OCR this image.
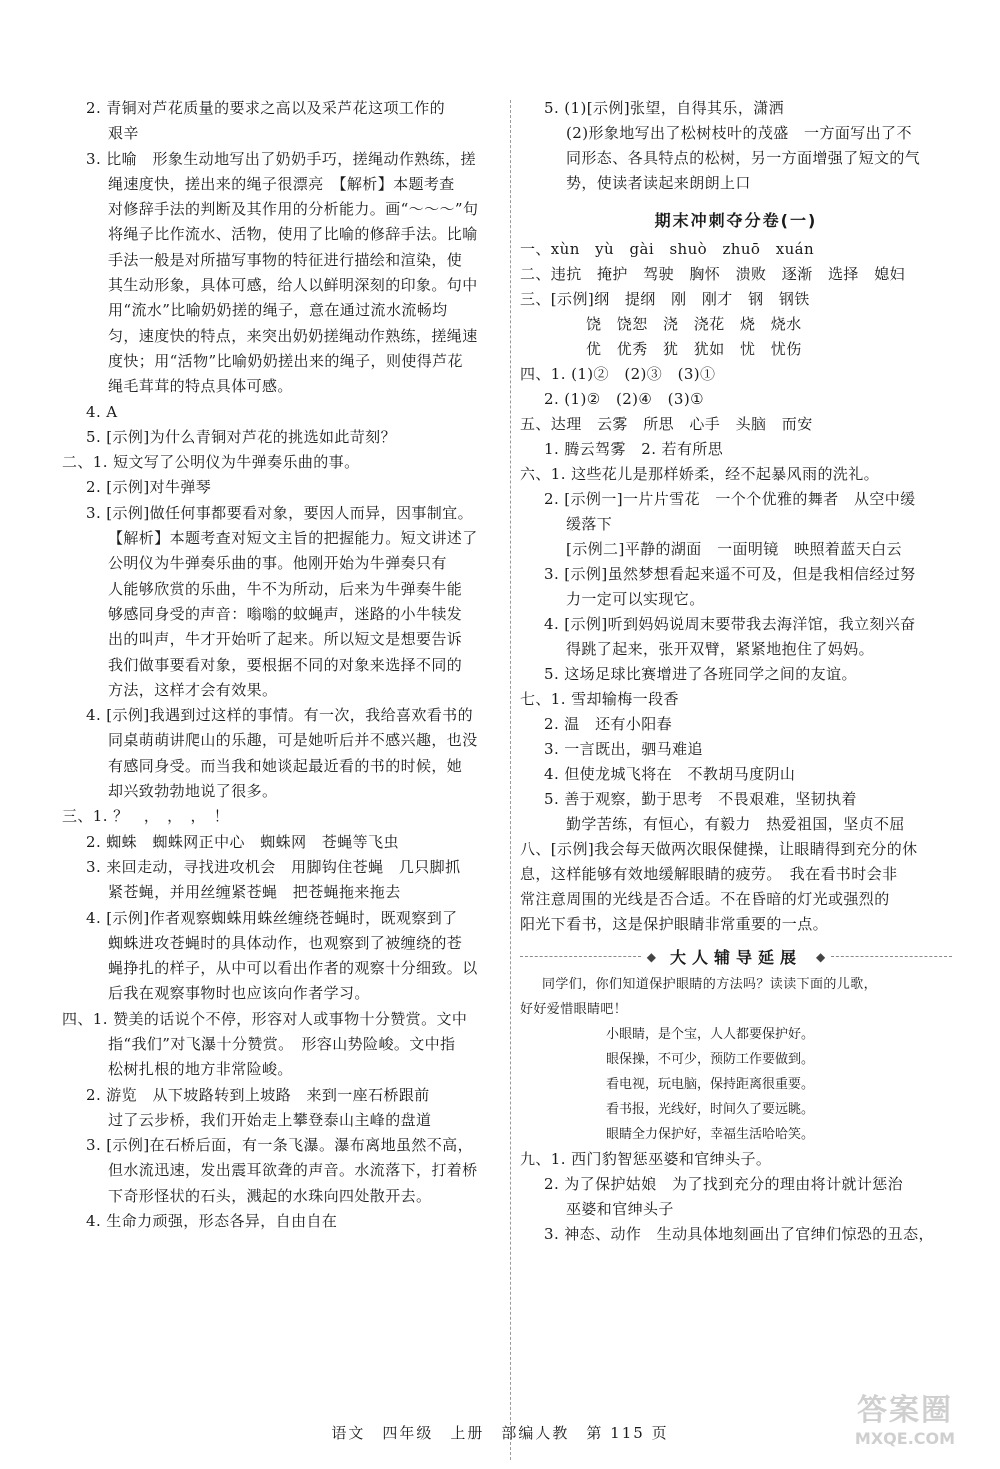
2. 青铜对芦花质量的要求之高以及采芦花这项工作的
艰辛
3. 比喻　形象生动地写出了奶奶手巧，搓绳动作熟练，搓
绳速度快，搓出来的绳子很漂亮　【解析】本题考查
对修辞手法的判断及其作用的分析能力。画“～～～”句
将绳子比作流水、活物，使用了比喻的修辞手法。比喻
手法一般是对所描写事物的特征进行描绘和渲染，使
其生动形象，具体可感，给人以鲜明深刻的印象。句中
用“流水”比喻奶奶搓的绳子，意在通过流水流畅均
匀，速度快的特点，来突出奶奶搓绳动作熟练，搓绳速
度快；用“活物”比喻奶奶搓出来的绳子，则使得芦花
绳毛茸茸的特点具体可感。
4. A
5. [示例]为什么青铜对芦花的挑选如此苛刻？
二、1. 短文写了公明仪为牛弹奏乐曲的事。
2. [示例]对牛弹琴
3. [示例]做任何事都要看对象，要因人而异，因事制宜。
【解析】本题考查对短文主旨的把握能力。短文讲述了
公明仪为牛弹奏乐曲的事。他刚开始为牛弹奏只有
人能够欣赏的乐曲，牛不为所动，后来为牛弹奏牛能
够感同身受的声音：嗡嗡的蚊蝇声，迷路的小牛犊发
出的叫声，牛才开始听了起来。所以短文是想要告诉
我们做事要看对象，要根据不同的对象来选择不同的
方法，这样才会有效果。
4. [示例]我遇到过这样的事情。有一次，我给喜欢看书的
同桌萌萌讲爬山的乐趣，可是她听后并不感兴趣，也没
有感同身受。而当我和她谈起最近看的书的时候，她
却兴致勃勃地说了很多。
三、1. ？　，　，　，　！
2. 蜘蛛　蜘蛛网正中心　蜘蛛网　苍蝇等飞虫
3. 来回走动，寻找进攻机会　用脚钩住苍蝇　几只脚抓
紧苍蝇，并用丝缠紧苍蝇　把苍蝇拖来拖去
4. [示例]作者观察蜘蛛用蛛丝缠绕苍蝇时，既观察到了
蜘蛛进攻苍蝇时的具体动作，也观察到了被缠绕的苍
蝇挣扎的样子，从中可以看出作者的观察十分细致。以
后我在观察事物时也应该向作者学习。
四、1. 赞美的话说个不停，形容对人或事物十分赞赏。文中
指“我们”对飞瀑十分赞赏。　形容山势险峻。文中指
松树扎根的地方非常险峻。
2. 游览　从下坡路转到上坡路　来到一座石桥跟前
过了云步桥，我们开始走上攀登泰山主峰的盘道
3. [示例]在石桥后面，有一条飞瀑。瀑布离地虽然不高，
但水流迅速，发出震耳欲聋的声音。水流落下，打着桥
下奇形怪状的石头，溅起的水珠向四处散开去。
4. 生命力顽强，形态各异，自由自在
5. (1)[示例]张望，自得其乐，潇洒
(2)形象地写出了松树枝叶的茂盛　一方面写出了不
同形态、各具特点的松树，另一方面增强了短文的气
势，使读者读起来朗朗上口
期末冲刺夺分卷(一)
一、xùn　yù　gài　shuò　zhuō　xuán
二、违抗　掩护　驾驶　胸怀　溃败　逐渐　选择　媳妇
三、[示例]纲　提纲　刚　刚才　钢　钢铁
饶　饶恕　浇　浇花　烧　烧水
优　优秀　犹　犹如　忧　忧伤
四、1. (1)②　(2)③　(3)①
2. (1)②　(2)④　(3)①
五、达理　云雾　所思　心手　头脑　而安
1. 腾云驾雾　2. 若有所思
六、1. 这些花儿是那样娇柔，经不起暴风雨的洗礼。
2. [示例一]一片片雪花　一个个优雅的舞者　从空中缓
缓落下
[示例二]平静的湖面　一面明镜　映照着蓝天白云
3. [示例]虽然梦想看起来遥不可及，但是我相信经过努
力一定可以实现它。
4. [示例]听到妈妈说周末要带我去海洋馆，我立刻兴奋
得跳了起来，张开双臂，紧紧地抱住了妈妈。
5. 这场足球比赛增进了各班同学之间的友谊。
七、1. 雪却输梅一段香
2. 温　还有小阳春
3. 一言既出，驷马难追
4. 但使龙城飞将在　不教胡马度阴山
5. 善于观察，勤于思考　不畏艰难，坚韧执着
勤学苦练，有恒心，有毅力　热爱祖国，坚贞不屈
八、[示例]我会每天做两次眼保健操，让眼睛得到充分的休
息，这样能够有效地缓解眼睛的疲劳。　我在看书时会非
常注意周围的光线是否合适。不在昏暗的灯光或强烈的
阳光下看书，这是保护眼睛非常重要的一点。
◆ 大人辅导延展	◆
同学们，你们知道保护眼睛的方法吗？读读下面的儿歌，
好好爱惜眼睛吧！
小眼睛，是个宝，人人都要保护好。
眼保操，不可少，预防工作要做到。
看电视，玩电脑，保持距离很重要。
看书报，光线好，时间久了要远眺。
眼睛全力保护好，幸福生活哈哈笑。
九、1. 西门豹智惩巫婆和官绅头子。
2. 为了保护姑娘　为了找到充分的理由将计就计惩治
巫婆和官绅头子
3. 神态、动作　生动具体地刻画出了官绅们惊恐的丑态，
语文　四年级　上册　部编人教　第 115 页
答案圈
MXQE.COM
